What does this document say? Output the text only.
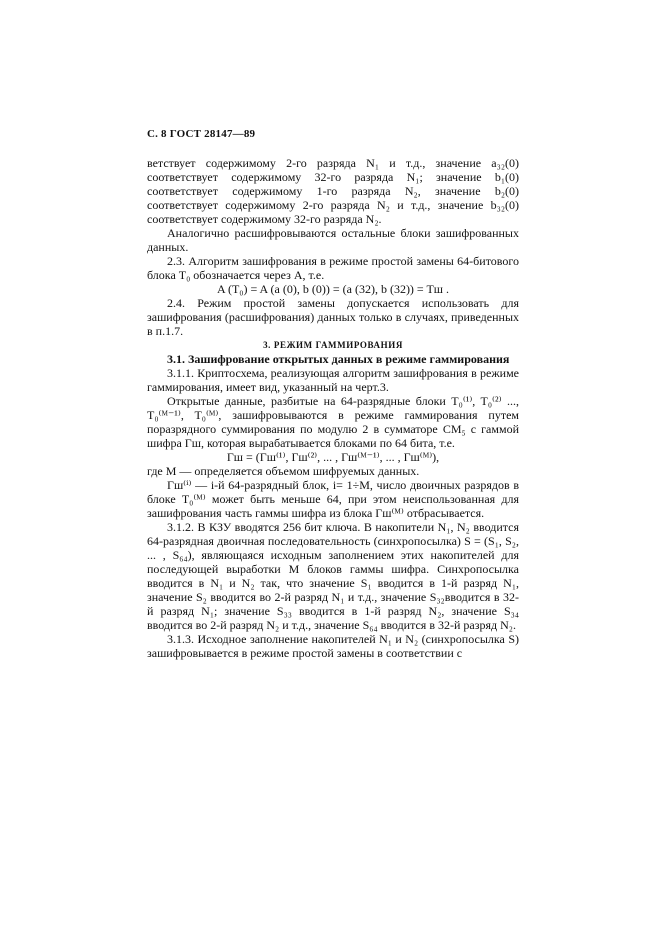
С. 8 ГОСТ 28147—89

ветствует содержимому 2-го разряда N₁ и т.д., значение a₃₂(0) соответствует содержимому 32-го разряда N₁; значение b₁(0) соответствует содержимому 1-го разряда N₂, значение b₂(0) соответствует содержимому 2-го разряда N₂ и т.д., значение b₃₂(0) соответствует содержимому 32-го разряда N₂.

Аналогично расшифровываются остальные блоки зашифрованных данных.

2.3. Алгоритм зашифрования в режиме простой замены 64-битового блока T₀ обозначается через A, т.е.

A (T₀) = A (a (0), b (0)) = (a (32), b (32)) = Tш .

2.4. Режим простой замены допускается использовать для зашифрования (расшифрования) данных только в случаях, приведенных в п.1.7.

3. РЕЖИМ ГАММИРОВАНИЯ

3.1. Зашифрование открытых данных в режиме гаммирования

3.1.1. Криптосхема, реализующая алгоритм зашифрования в режиме гаммирования, имеет вид, указанный на черт.3.

Открытые данные, разбитые на 64-разрядные блоки T₀⁽¹⁾, T₀⁽²⁾ ..., T₀⁽ᴹ⁻¹⁾, T₀⁽ᴹ⁾, зашифровываются в режиме гаммирования путем поразрядного суммирования по модулю 2 в сумматоре CM₅ с гаммой шифра Γш, которая вырабатывается блоками по 64 бита, т.е.

Γш = (Γш⁽¹⁾, Γш⁽²⁾, ... , Γш⁽ᴹ⁻¹⁾, ... , Γш⁽ᴹ⁾),

где M — определяется объемом шифруемых данных.

Γш⁽ⁱ⁾ — i-й 64-разрядный блок, i= 1÷M, число двоичных разрядов в блоке T₀⁽ᴹ⁾ может быть меньше 64, при этом неиспользованная для зашифрования часть гаммы шифра из блока Γш⁽ᴹ⁾ отбрасывается.

3.1.2. В КЗУ вводятся 256 бит ключа. В накопители N₁, N₂ вводится 64-разрядная двоичная последовательность (синхропосылка) S = (S₁, S₂, ... , S₆₄), являющаяся исходным заполнением этих накопителей для последующей выработки M блоков гаммы шифра. Синхропосылка вводится в N₁ и N₂ так, что значение S₁ вводится в 1-й разряд N₁, значение S₂ вводится во 2-й разряд N₁ и т.д., значение S₃₂вводится в 32-й разряд N₁; значение S₃₃ вводится в 1-й разряд N₂, значение S₃₄ вводится во 2-й разряд N₂ и т.д., значение S₆₄ вводится в 32-й разряд N₂.

3.1.3. Исходное заполнение накопителей N₁ и N₂ (синхропосылка S) зашифровывается в режиме простой замены в соответствии с
